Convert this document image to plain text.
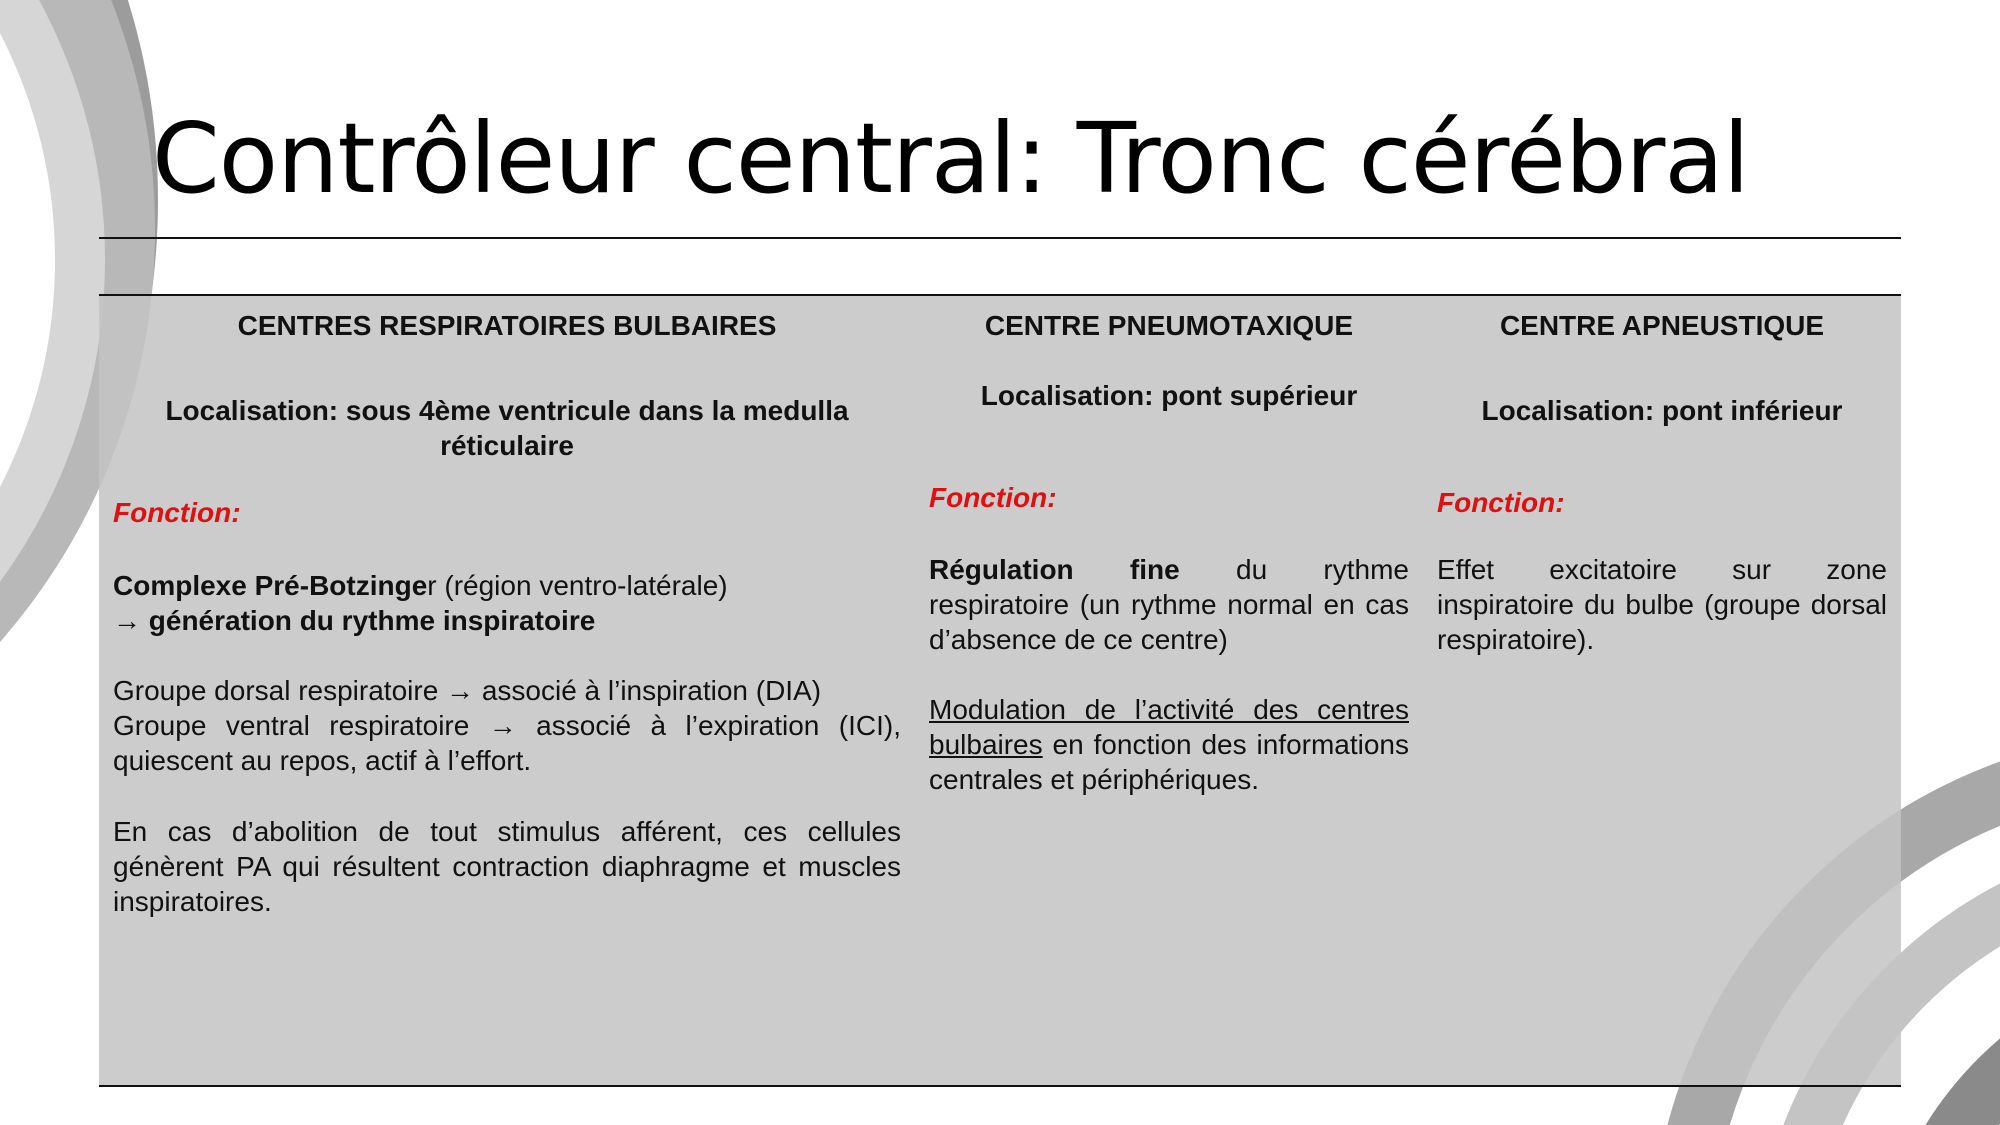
Contrôleur central: Tronc cérébral
CENTRES RESPIRATOIRES BULBAIRES
Localisation: sous 4ème ventricule dans la medulla réticulaire
Fonction:
Complexe Pré-Botzinger (région ventro-latérale)
→ génération du rythme inspiratoire
Groupe dorsal respiratoire → associé à l’inspiration (DIA)
Groupe ventral respiratoire → associé à l’expiration (ICI), quiescent au repos, actif à l’effort.
En cas d’abolition de tout stimulus afférent, ces cellules génèrent PA qui résultent contraction diaphragme et muscles inspiratoires.
CENTRE PNEUMOTAXIQUE
Localisation: pont supérieur
Fonction:
Régulation fine du rythme respiratoire (un rythme normal en cas d’absence de ce centre)
Modulation de l’activité des centres bulbaires en fonction des informations centrales et périphériques.
CENTRE APNEUSTIQUE
Localisation: pont inférieur
Fonction:
Effet excitatoire sur zone inspiratoire du bulbe (groupe dorsal respiratoire).
